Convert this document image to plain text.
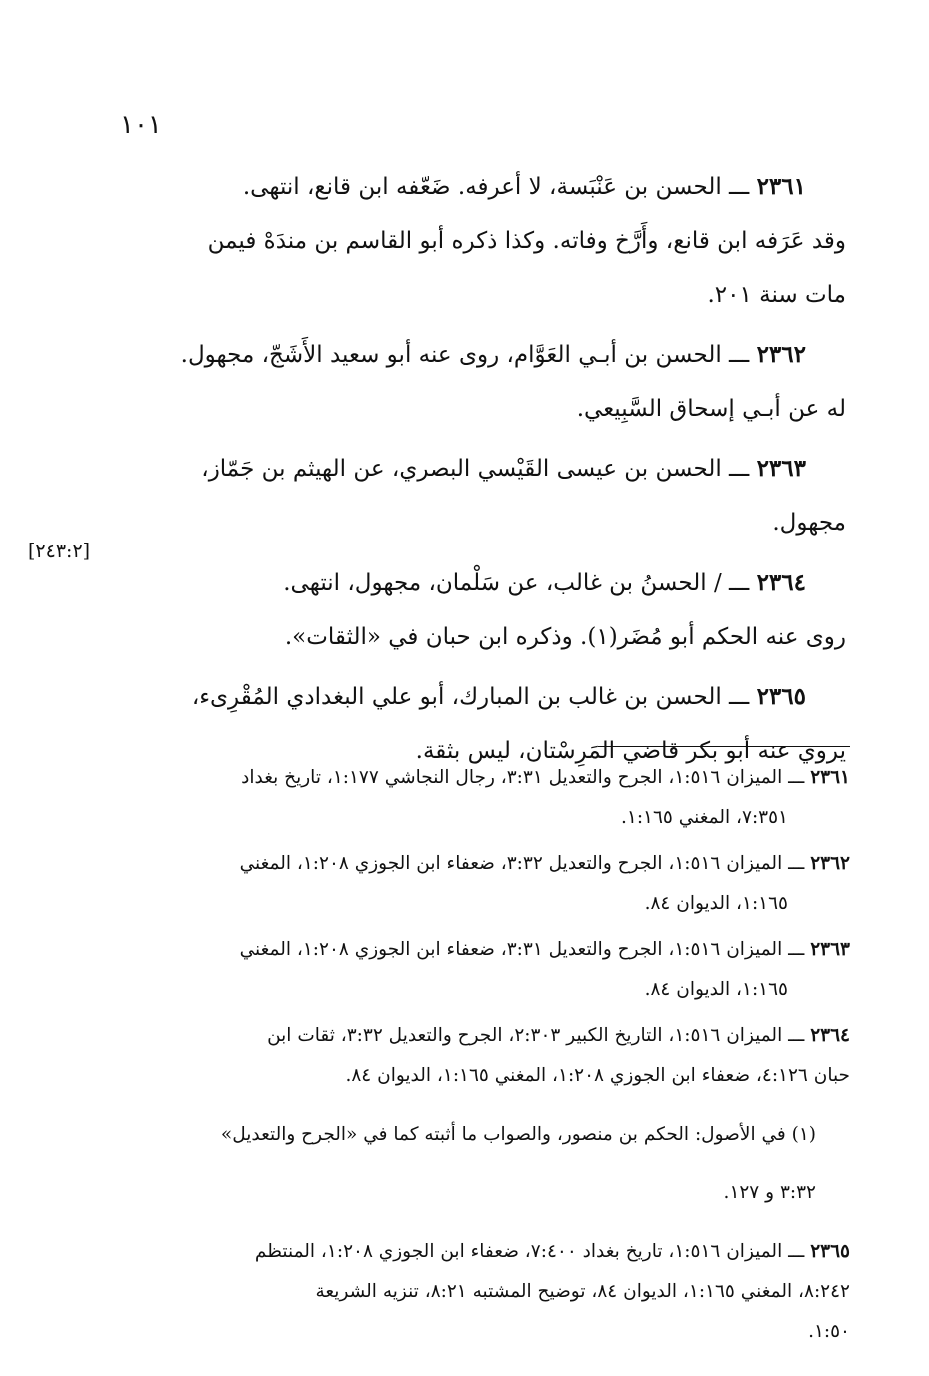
١٠١
[٢٤٣:٢]

٢٣٦١ ـــ الحسن بن عَنْبَسة، لا أعرفه. ضَعّفه ابن قانع، انتهى.

وقد عَرَفه ابن قانع، وأَرَّخ وفاته. وكذا ذكره أبو القاسم بن مندَهْ فيمن

مات سنة ٢٠١.

٢٣٦٢ ـــ الحسن بن أبـي العَوَّام، روى عنه أبو سعيد الأَشَجّ، مجهول.

له عن أبـي إسحاق السَّبِيعي.

٢٣٦٣ ـــ الحسن بن عيسى القَيْسي البصري، عن الهيثم بن جَمّاز،

مجهول.

٢٣٦٤ ـــ / الحسنُ بن غالب، عن سَلْمان، مجهول، انتهى.

روى عنه الحكم أبو مُضَر(١). وذكره ابن حبان في «الثقات».

٢٣٦٥ ـــ الحسن بن غالب بن المبارك، أبو علي البغدادي المُقْرِىء،

يروي عنه أبو بكر قاضي المَرِسْتان، ليس بثقة.

٢٣٦١ ـــ الميزان ١:٥١٦، الجرح والتعديل ٣:٣١، رجال النجاشي ١:١٧٧، تاريخ بغداد

٧:٣٥١، المغني ١:١٦٥.

٢٣٦٢ ـــ الميزان ١:٥١٦، الجرح والتعديل ٣:٣٢، ضعفاء ابن الجوزي ١:٢٠٨، المغني

١:١٦٥، الديوان ٨٤.

٢٣٦٣ ـــ الميزان ١:٥١٦، الجرح والتعديل ٣:٣١، ضعفاء ابن الجوزي ١:٢٠٨، المغني

١:١٦٥، الديوان ٨٤.

٢٣٦٤ ـــ الميزان ١:٥١٦، التاريخ الكبير ٢:٣٠٣، الجرح والتعديل ٣:٣٢، ثقات ابن

حبان ٤:١٢٦، ضعفاء ابن الجوزي ١:٢٠٨، المغني ١:١٦٥، الديوان ٨٤.

(١) في الأصول: الحكم بن منصور، والصواب ما أثبته كما في «الجرح والتعديل»

٣:٣٢ و ١٢٧.

٢٣٦٥ ـــ الميزان ١:٥١٦، تاريخ بغداد ٧:٤٠٠، ضعفاء ابن الجوزي ١:٢٠٨، المنتظم

٨:٢٤٢، المغني ١:١٦٥، الديوان ٨٤، توضيح المشتبه ٨:٢١، تنزيه الشريعة

١:٥٠.
